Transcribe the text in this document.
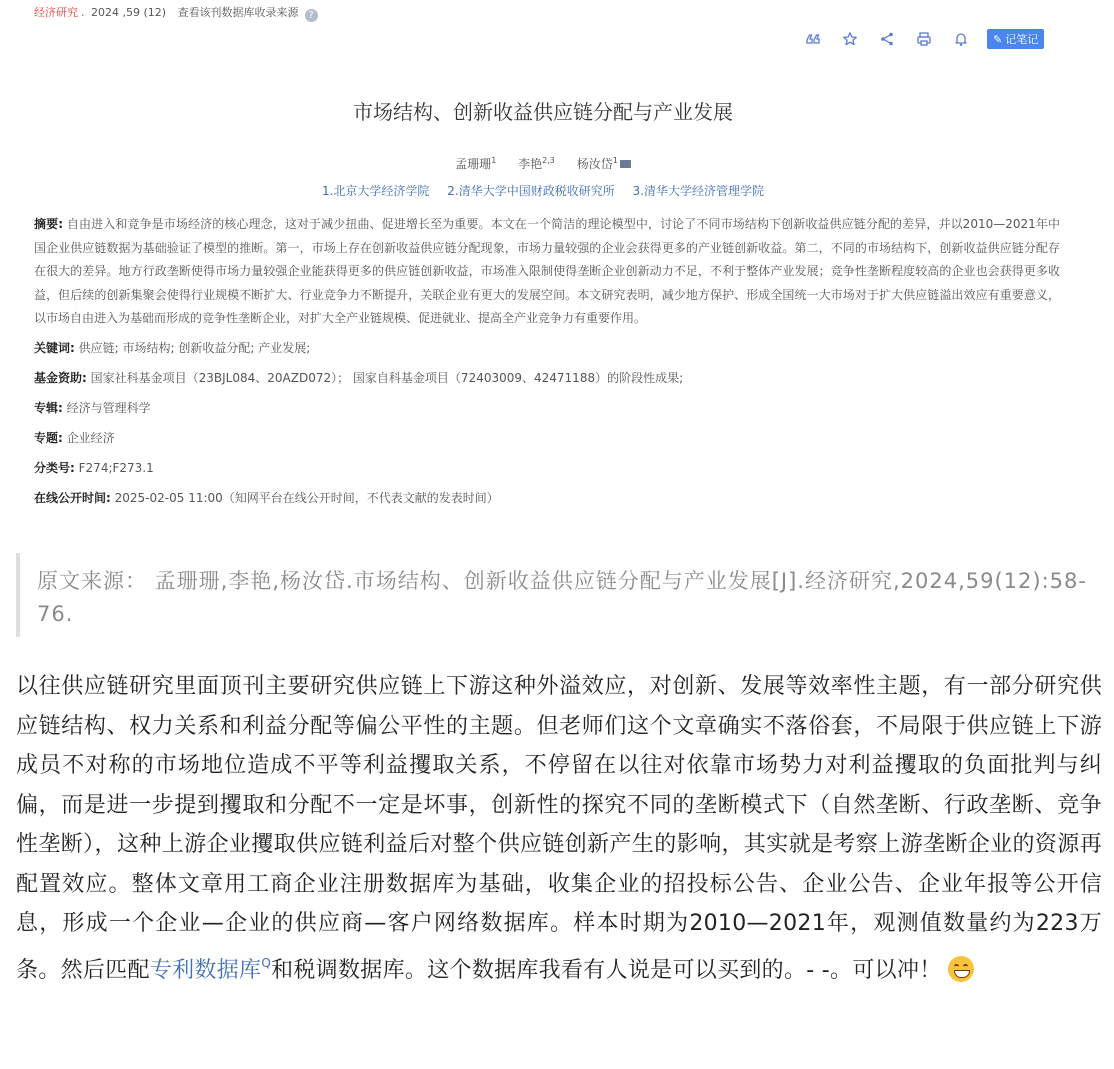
经济研究 . 2024 ,59 (12) 查看该刊数据库收录来源 ?
✎ 记笔记
市场结构、创新收益供应链分配与产业发展
孟珊珊$^1$ 李艳$^{2,3}$ 杨汝岱$^1$
1.北京大学经济学院 2.清华大学中国财政税收研究所 3.清华大学经济管理学院

摘要: 自由进入和竞争是市场经济的核心理念，这对于减少扭曲、促进增长至为重要。本文在一个简洁的理论模型中，讨论了不同市场结构下创新收益供应链分配的差异，并以2010—2021年中国企业供应链数据为基础验证了模型的推断。第一，市场上存在创新收益供应链分配现象，市场力量较强的企业会获得更多的产业链创新收益。第二，不同的市场结构下，创新收益供应链分配存在很大的差异。地方行政垄断使得市场力量较强企业能获得更多的供应链创新收益，市场准入限制使得垄断企业创新动力不足，不利于整体产业发展；竞争性垄断程度较高的企业也会获得更多收益，但后续的创新集聚会使得行业规模不断扩大、行业竞争力不断提升，关联企业有更大的发展空间。本文研究表明，减少地方保护、形成全国统一大市场对于扩大供应链溢出效应有重要意义，以市场自由进入为基础而形成的竞争性垄断企业，对扩大全产业链规模、促进就业、提高全产业竞争力有重要作用。

关键词: 供应链; 市场结构; 创新收益分配; 产业发展;

基金资助: 国家社科基金项目（23BJL084、20AZD072）； 国家自科基金项目（72403009、42471188）的阶段性成果;

专辑: 经济与管理科学

专题: 企业经济

分类号: F274;F273.1

在线公开时间: 2025-02-05 11:00（知网平台在线公开时间，不代表文献的发表时间）

原文来源： 孟珊珊,李艳,杨汝岱.市场结构、创新收益供应链分配与产业发展[J].经济研究,2024,59(12):58-76.
以往供应链研究里面顶刊主要研究供应链上下游这种外溢效应，对创新、发展等效率性主题，有一部分研究供应链结构、权力关系和利益分配等偏公平性的主题。但老师们这个文章确实不落俗套，不局限于供应链上下游成员不对称的市场地位造成不平等利益攫取关系，不停留在以往对依靠市场势力对利益攫取的负面批判与纠偏，而是进一步提到攫取和分配不一定是坏事，创新性的探究不同的垄断模式下（自然垄断、行政垄断、竞争性垄断），这种上游企业攫取供应链利益后对整个供应链创新产生的影响，其实就是考察上游垄断企业的资源再配置效应。整体文章用工商企业注册数据库为基础，收集企业的招投标公告、企业公告、企业年报等公开信息，形成一个企业—企业的供应商—客户网络数据库。样本时期为2010—2021年，观测值数量约为223万条。然后匹配专利数据库$^Q$和税调数据库。这个数据库我看有人说是可以买到的。- -。可以冲！
